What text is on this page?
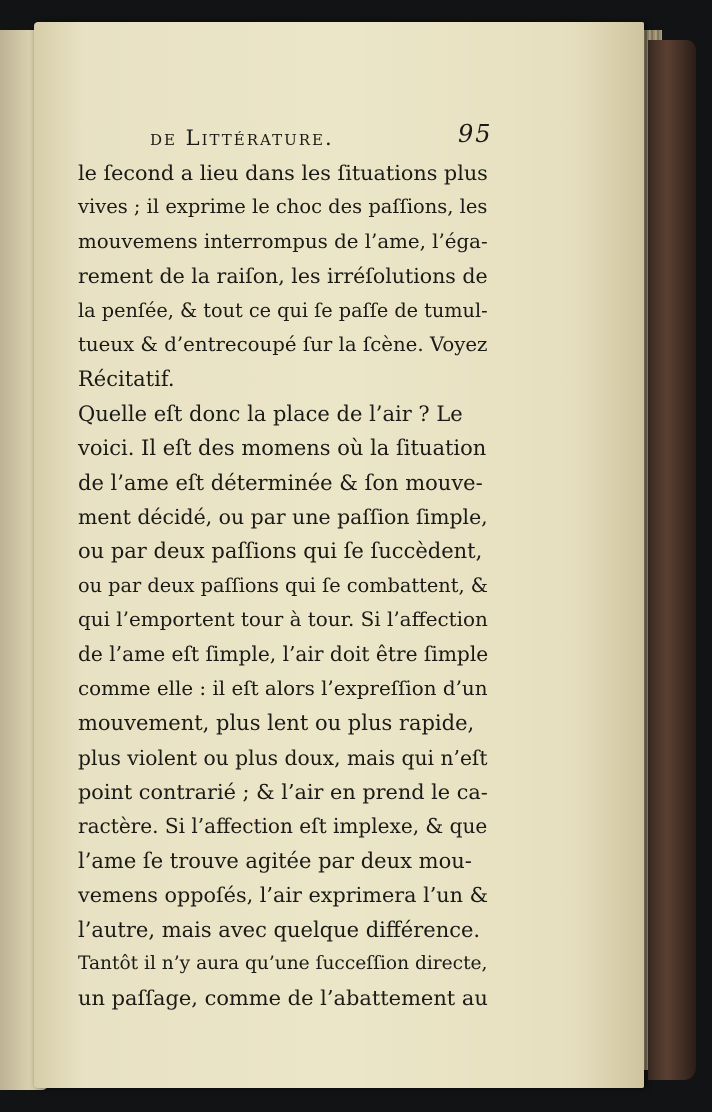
de Littérature.	95
le ſecond a lieu dans les ſituations plus
vives ; il exprime le choc des paſſions, les
mouvemens interrompus de l’ame, l’éga-
rement de la raiſon, les irréſolutions de
la penſée, & tout ce qui ſe paſſe de tumul-
tueux & d’entrecoupé ſur la ſcène. Voyez
Récitatif.
Quelle eſt donc la place de l’air ? Le
voici. Il eſt des momens où la ſituation
de l’ame eſt déterminée & ſon mouve-
ment décidé, ou par une paſſion ſimple,
ou par deux paſſions qui ſe ſuccèdent,
ou par deux paſſions qui ſe combattent, &
qui l’emportent tour à tour. Si l’affection
de l’ame eſt ſimple, l’air doit être ſimple
comme elle : il eſt alors l’expreſſion d’un
mouvement, plus lent ou plus rapide,
plus violent ou plus doux, mais qui n’eſt
point contrarié ; & l’air en prend le ca-
ractère. Si l’affection eſt implexe, & que
l’ame ſe trouve agitée par deux mou-
vemens oppoſés, l’air exprimera l’un &
l’autre, mais avec quelque différence.
Tantôt il n’y aura qu’une ſucceſſion directe,
un paſſage, comme de l’abattement au
